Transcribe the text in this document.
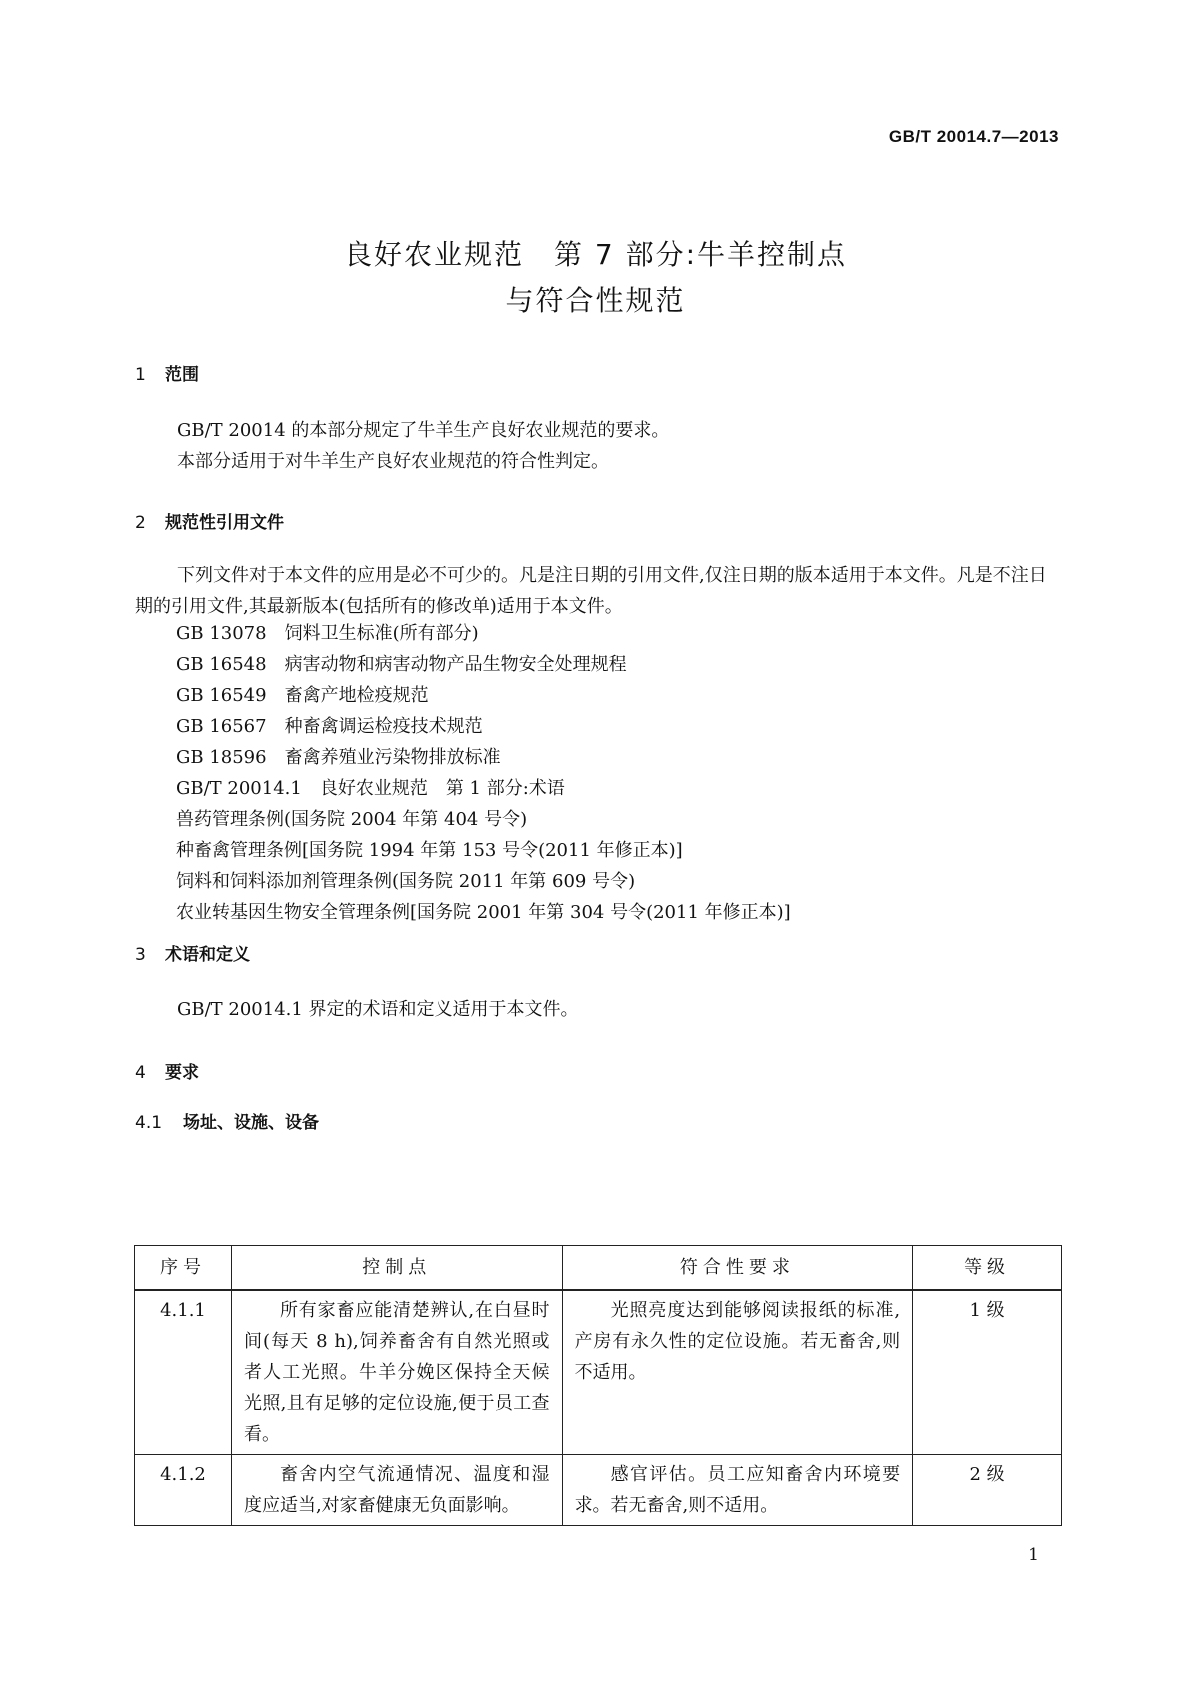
GB/T 20014.7—2013
良好农业规范　第 7 部分:牛羊控制点
与符合性规范
1 范围
GB/T 20014 的本部分规定了牛羊生产良好农业规范的要求。
本部分适用于对牛羊生产良好农业规范的符合性判定。
2 规范性引用文件
下列文件对于本文件的应用是必不可少的。凡是注日期的引用文件,仅注日期的版本适用于本文件。凡是不注日期的引用文件,其最新版本(包括所有的修改单)适用于本文件。
GB 13078　饲料卫生标准(所有部分)
GB 16548　病害动物和病害动物产品生物安全处理规程
GB 16549　畜禽产地检疫规范
GB 16567　种畜禽调运检疫技术规范
GB 18596　畜禽养殖业污染物排放标准
GB/T 20014.1　良好农业规范　第 1 部分:术语
兽药管理条例(国务院 2004 年第 404 号令)
种畜禽管理条例[国务院 1994 年第 153 号令(2011 年修正本)]
饲料和饲料添加剂管理条例(国务院 2011 年第 609 号令)
农业转基因生物安全管理条例[国务院 2001 年第 304 号令(2011 年修正本)]
3 术语和定义
GB/T 20014.1 界定的术语和定义适用于本文件。
4 要求
4.1 场址、设施、设备
序号	控制点	符合性要求	等级
4.1.1	所有家畜应能清楚辨认,在白昼时间(每天 8 h),饲养畜舍有自然光照或者人工光照。牛羊分娩区保持全天候光照,且有足够的定位设施,便于员工查看。	光照亮度达到能够阅读报纸的标准,产房有永久性的定位设施。若无畜舍,则不适用。	1 级
4.1.2	畜舍内空气流通情况、温度和湿度应适当,对家畜健康无负面影响。	感官评估。员工应知畜舍内环境要求。若无畜舍,则不适用。	2 级
1
